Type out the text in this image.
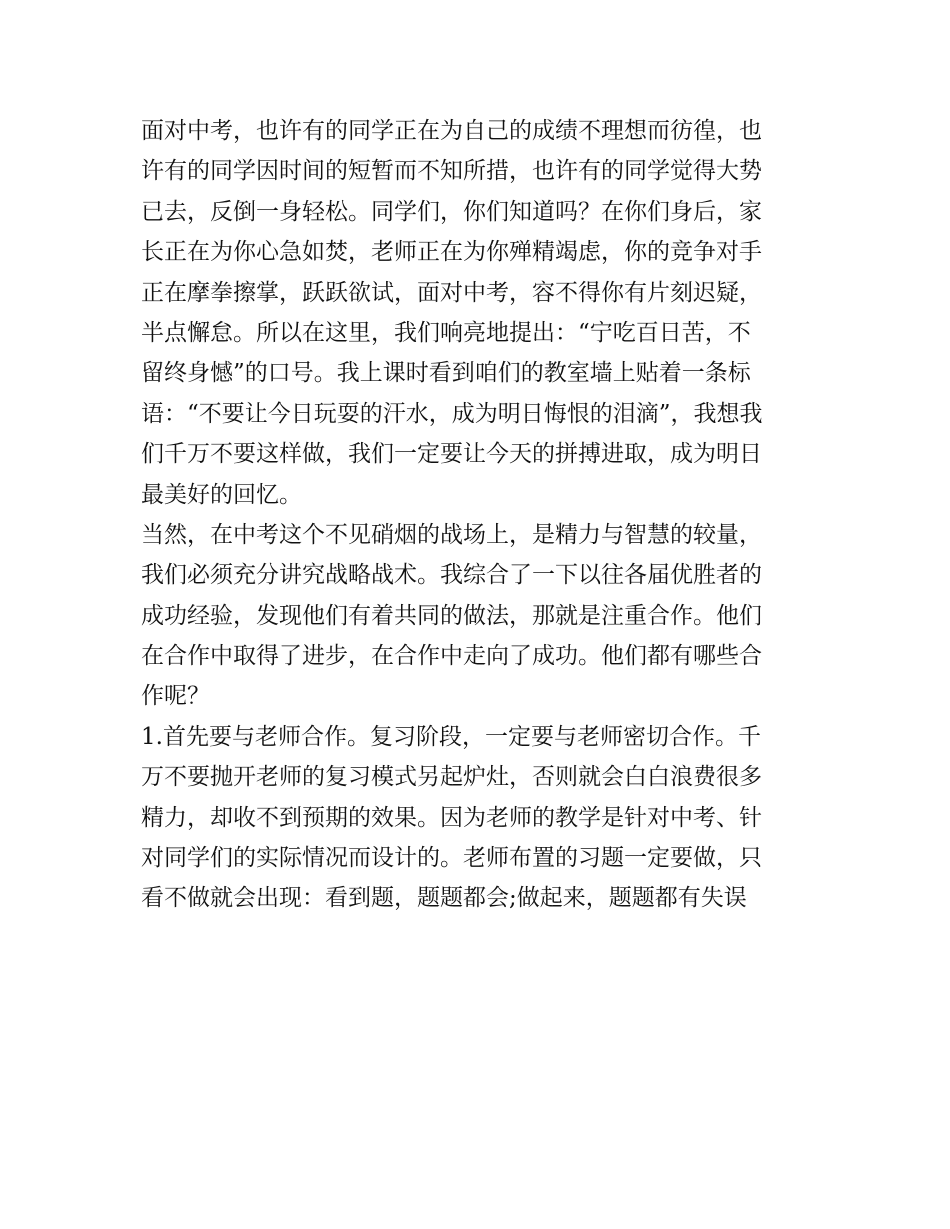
面对中考，也许有的同学正在为自己的成绩不理想而彷徨，也
许有的同学因时间的短暂而不知所措，也许有的同学觉得大势
已去，反倒一身轻松。同学们，你们知道吗？在你们身后，家
长正在为你心急如焚，老师正在为你殚精竭虑，你的竞争对手
正在摩拳擦掌，跃跃欲试，面对中考，容不得你有片刻迟疑，
半点懈怠。所以在这里，我们响亮地提出：“宁吃百日苦，不
留终身憾”的口号。我上课时看到咱们的教室墙上贴着一条标
语：“不要让今日玩耍的汗水，成为明日悔恨的泪滴”，我想我
们千万不要这样做，我们一定要让今天的拼搏进取，成为明日
最美好的回忆。
当然，在中考这个不见硝烟的战场上，是精力与智慧的较量，
我们必须充分讲究战略战术。我综合了一下以往各届优胜者的
成功经验，发现他们有着共同的做法，那就是注重合作。他们
在合作中取得了进步，在合作中走向了成功。他们都有哪些合
作呢？
1.首先要与老师合作。复习阶段，一定要与老师密切合作。千
万不要抛开老师的复习模式另起炉灶，否则就会白白浪费很多
精力，却收不到预期的效果。因为老师的教学是针对中考、针
对同学们的实际情况而设计的。老师布置的习题一定要做，只
看不做就会出现：看到题，题题都会;做起来，题题都有失误
